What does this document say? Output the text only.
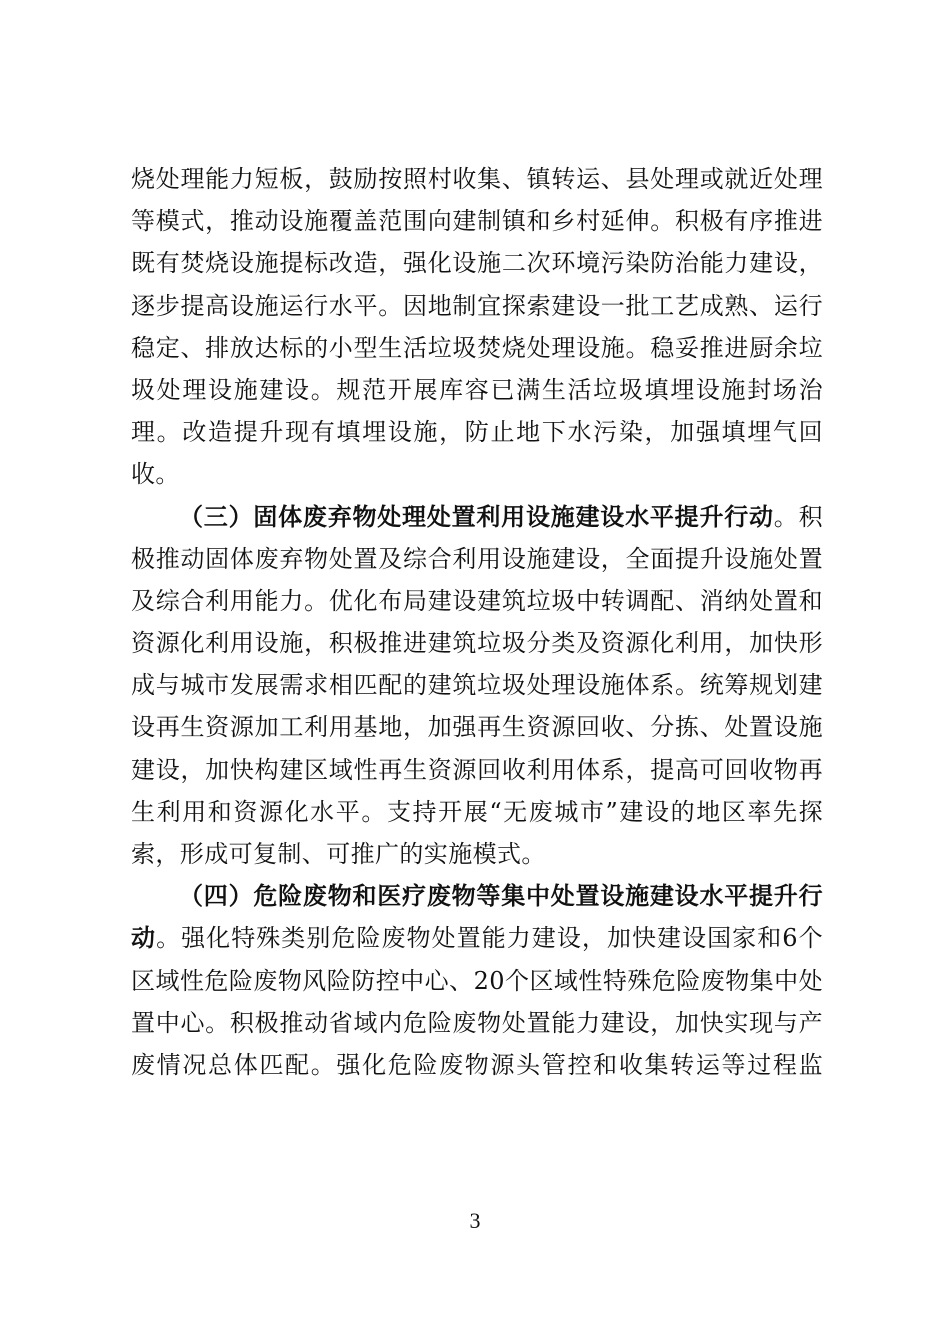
烧处理能力短板，鼓励按照村收集、镇转运、县处理或就近处理
等模式，推动设施覆盖范围向建制镇和乡村延伸。积极有序推进
既有焚烧设施提标改造，强化设施二次环境污染防治能力建设，
逐步提高设施运行水平。因地制宜探索建设一批工艺成熟、运行
稳定、排放达标的小型生活垃圾焚烧处理设施。稳妥推进厨余垃
圾处理设施建设。规范开展库容已满生活垃圾填埋设施封场治
理。改造提升现有填埋设施，防止地下水污染，加强填埋气回
收。
（三）固体废弃物处理处置利用设施建设水平提升行动。积
极推动固体废弃物处置及综合利用设施建设，全面提升设施处置
及综合利用能力。优化布局建设建筑垃圾中转调配、消纳处置和
资源化利用设施，积极推进建筑垃圾分类及资源化利用，加快形
成与城市发展需求相匹配的建筑垃圾处理设施体系。统筹规划建
设再生资源加工利用基地，加强再生资源回收、分拣、处置设施
建设，加快构建区域性再生资源回收利用体系，提高可回收物再
生利用和资源化水平。支持开展“无废城市”建设的地区率先探
索，形成可复制、可推广的实施模式。
（四）危险废物和医疗废物等集中处置设施建设水平提升行
动。强化特殊类别危险废物处置能力建设，加快建设国家和6个
区域性危险废物风险防控中心、20个区域性特殊危险废物集中处
置中心。积极推动省域内危险废物处置能力建设，加快实现与产
废情况总体匹配。强化危险废物源头管控和收集转运等过程监
3
